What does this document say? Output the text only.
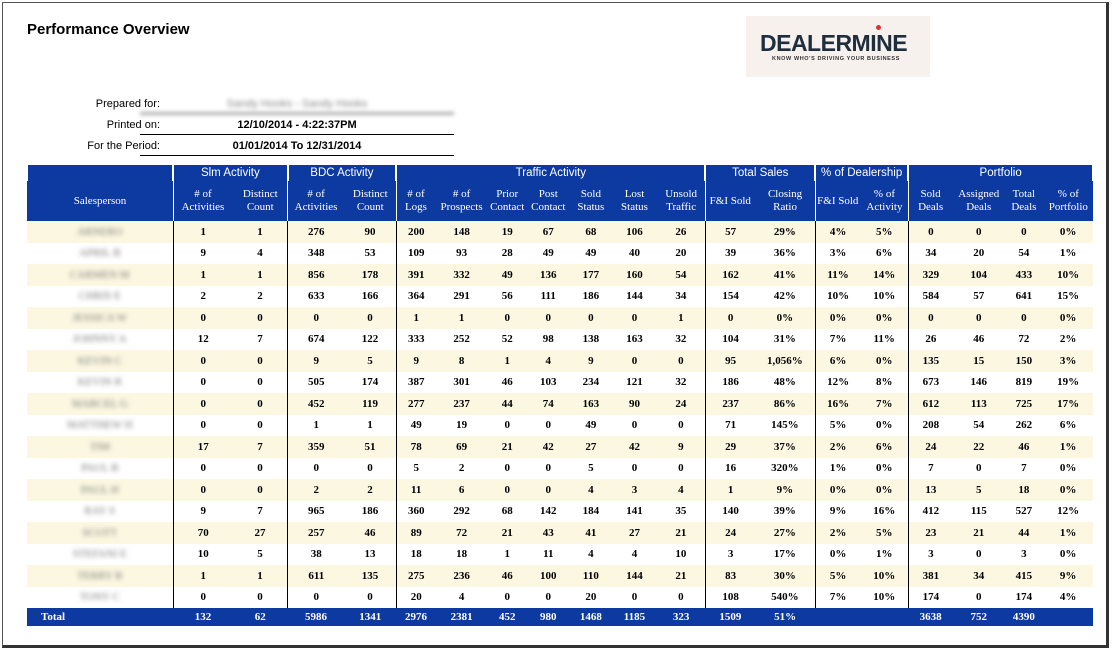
Performance Overview
DEALERMINE
KNOW WHO'S DRIVING YOUR BUSINESS
Prepared for:	Sandy Hooks - Sandy Hooks
Printed on:	12/10/2014 - 4:22:37PM
For the Period:	01/01/2014 To 12/31/2014
	Slm Activity		BDC Activity		Traffic Activity							Total Sales		% of Dealership		Portfolio			
Salesperson	# of Activities	Distinct Count	# of Activities	Distinct Count	# of Logs	# of Prospects	Prior Contact	Post Contact	Sold Status	Lost Status	Unsold Traffic	F&I Sold	Closing Ratio	F&I Sold	% of Activity	Sold Deals	Assigned Deals	Total Deals	% of Portfolio
ARNERO	1	1	276	90	200	148	19	67	68	106	26	57	29%	4%	5%	0	0	0	0%
APRIL B	9	4	348	53	109	93	28	49	49	40	20	39	36%	3%	6%	34	20	54	1%
CARMEN M	1	1	856	178	391	332	49	136	177	160	54	162	41%	11%	14%	329	104	433	10%
CHRIS E	2	2	633	166	364	291	56	111	186	144	34	154	42%	10%	10%	584	57	641	15%
JESSICA W	0	0	0	0	1	1	0	0	0	0	1	0	0%	0%	0%	0	0	0	0%
JOHNNY A	12	7	674	122	333	252	52	98	138	163	32	104	31%	7%	11%	26	46	72	2%
KEVIN C	0	0	9	5	9	8	1	4	9	0	0	95	1,056%	6%	0%	135	15	150	3%
KEVIN R	0	0	505	174	387	301	46	103	234	121	32	186	48%	12%	8%	673	146	819	19%
MARCEL G	0	0	452	119	277	237	44	74	163	90	24	237	86%	16%	7%	612	113	725	17%
MATTHEW H	0	0	1	1	49	19	0	0	49	0	0	71	145%	5%	0%	208	54	262	6%
TIM	17	7	359	51	78	69	21	42	27	42	9	29	37%	2%	6%	24	22	46	1%
PAUL B	0	0	0	0	5	2	0	0	5	0	0	16	320%	1%	0%	7	0	7	0%
PAUL H	0	0	2	2	11	6	0	0	4	3	4	1	9%	0%	0%	13	5	18	0%
RAY S	9	7	965	186	360	292	68	142	184	141	35	140	39%	9%	16%	412	115	527	12%
SCOTT	70	27	257	46	89	72	21	43	41	27	21	24	27%	2%	5%	23	21	44	1%
STEFANI E	10	5	38	13	18	18	1	11	4	4	10	3	17%	0%	1%	3	0	3	0%
TERRY B	1	1	611	135	275	236	46	100	110	144	21	83	30%	5%	10%	381	34	415	9%
TONY C	0	0	0	0	20	4	0	0	20	0	0	108	540%	7%	10%	174	0	174	4%
Total	132	62	5986	1341	2976	2381	452	980	1468	1185	323	1509	51%			3638	752	4390	
